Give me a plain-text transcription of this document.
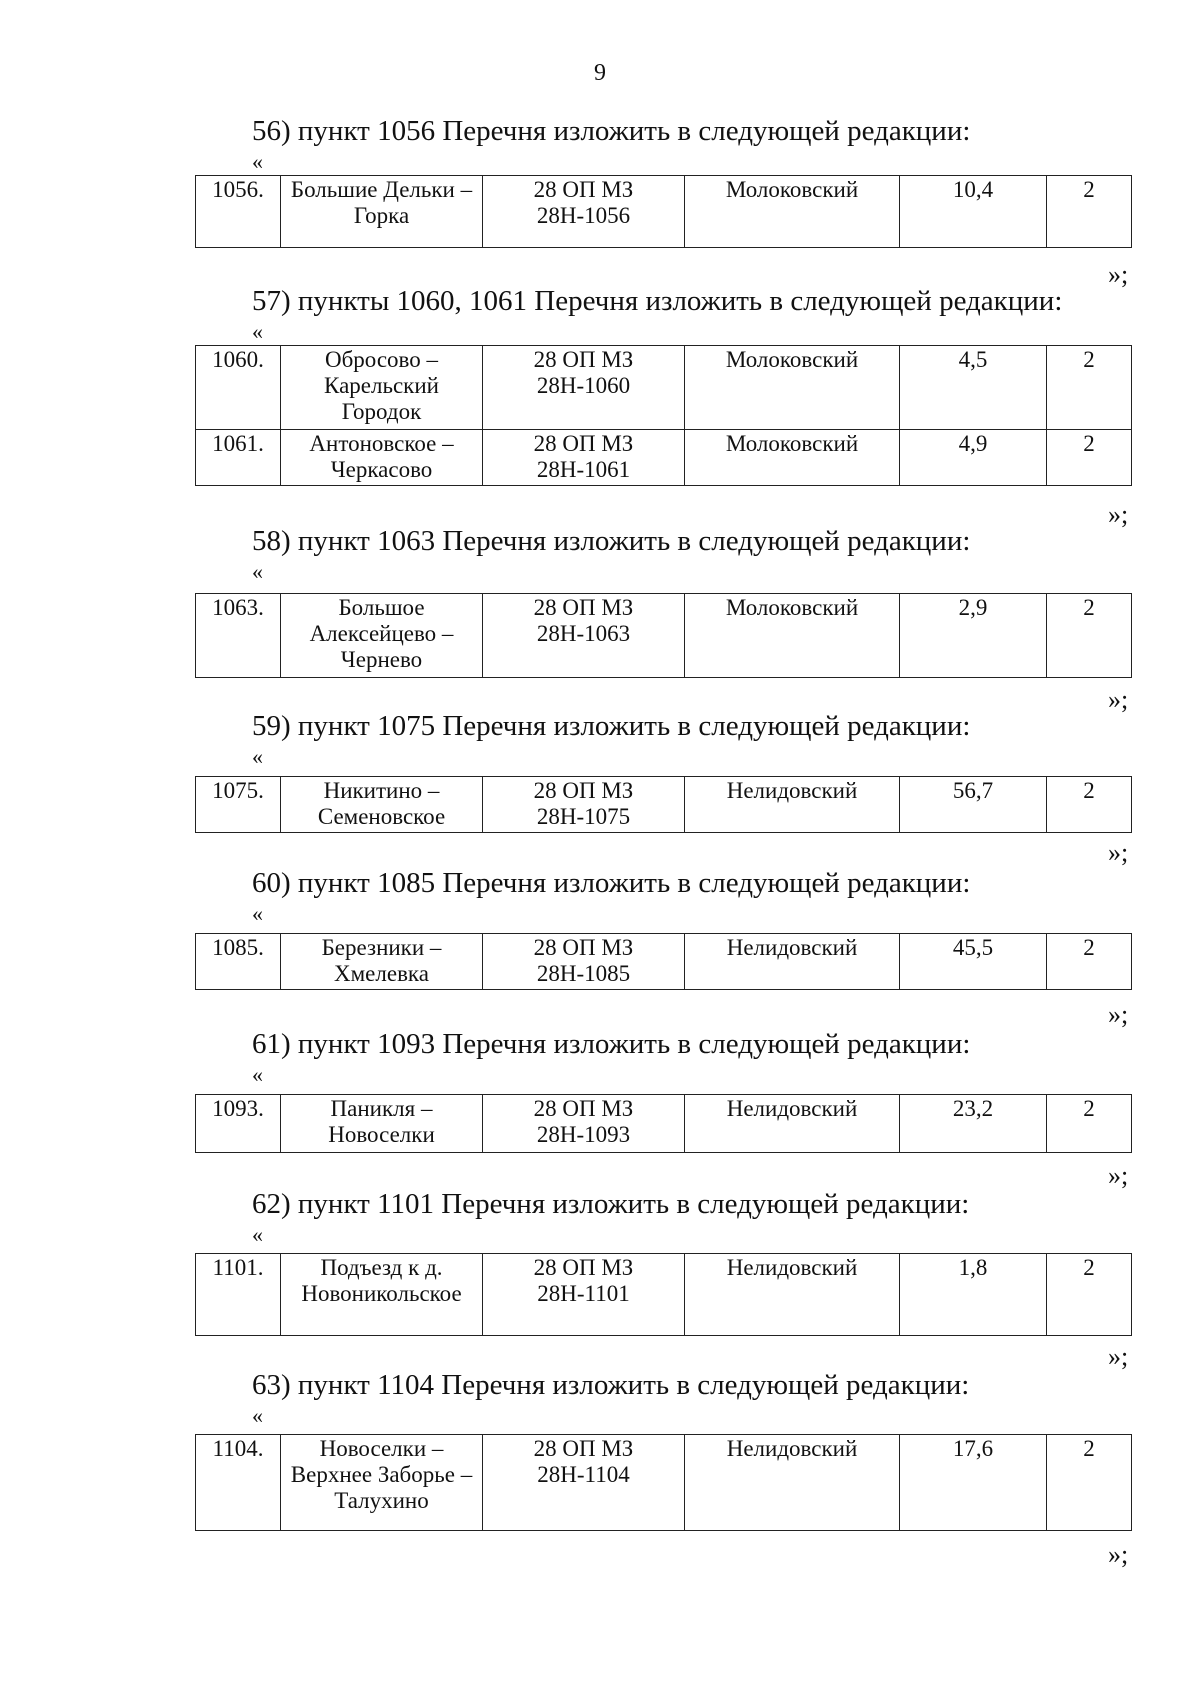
9
56) пункт 1056 Перечня изложить в следующей редакции:
«
1056.	Большие Дельки – Горка	28 ОП МЗ 28Н-1056	Молоковский	10,4	2
»;
57) пункты 1060, 1061 Перечня изложить в следующей редакции:
«
1060.	Обросово – Карельский Городок	28 ОП МЗ 28Н-1060	Молоковский	4,5	2
1061.	Антоновское – Черкасово	28 ОП МЗ 28Н-1061	Молоковский	4,9	2
»;
58) пункт 1063 Перечня изложить в следующей редакции:
«
1063.	Большое Алексейцево – Чернево	28 ОП МЗ 28Н-1063	Молоковский	2,9	2
»;
59) пункт 1075 Перечня изложить в следующей редакции:
«
1075.	Никитино – Семеновское	28 ОП МЗ 28Н-1075	Нелидовский	56,7	2
»;
60) пункт 1085 Перечня изложить в следующей редакции:
«
1085.	Березники – Хмелевка	28 ОП МЗ 28Н-1085	Нелидовский	45,5	2
»;
61) пункт 1093 Перечня изложить в следующей редакции:
«
1093.	Паникля – Новоселки	28 ОП МЗ 28Н-1093	Нелидовский	23,2	2
»;
62) пункт 1101 Перечня изложить в следующей редакции:
«
1101.	Подъезд к д. Новоникольское	28 ОП МЗ 28Н-1101	Нелидовский	1,8	2
»;
63) пункт 1104 Перечня изложить в следующей редакции:
«
1104.	Новоселки – Верхнее Заборье – Талухино	28 ОП МЗ 28Н-1104	Нелидовский	17,6	2
»;
